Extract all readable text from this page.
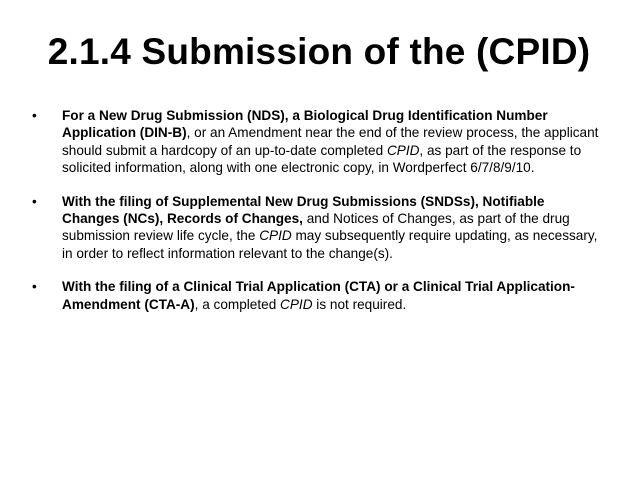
2.1.4 Submission of the (CPID)
• For a New Drug Submission (NDS), a Biological Drug Identification Number Application (DIN-B), or an Amendment near the end of the review process, the applicant should submit a hardcopy of an up-to-date completed CPID, as part of the response to solicited information, along with one electronic copy, in Wordperfect 6/7/8/9/10.
• With the filing of Supplemental New Drug Submissions (SNDSs), Notifiable Changes (NCs), Records of Changes, and Notices of Changes, as part of the drug submission review life cycle, the CPID may subsequently require updating, as necessary, in order to reflect information relevant to the change(s).
• With the filing of a Clinical Trial Application (CTA) or a Clinical Trial Application-Amendment (CTA-A), a completed CPID is not required.
